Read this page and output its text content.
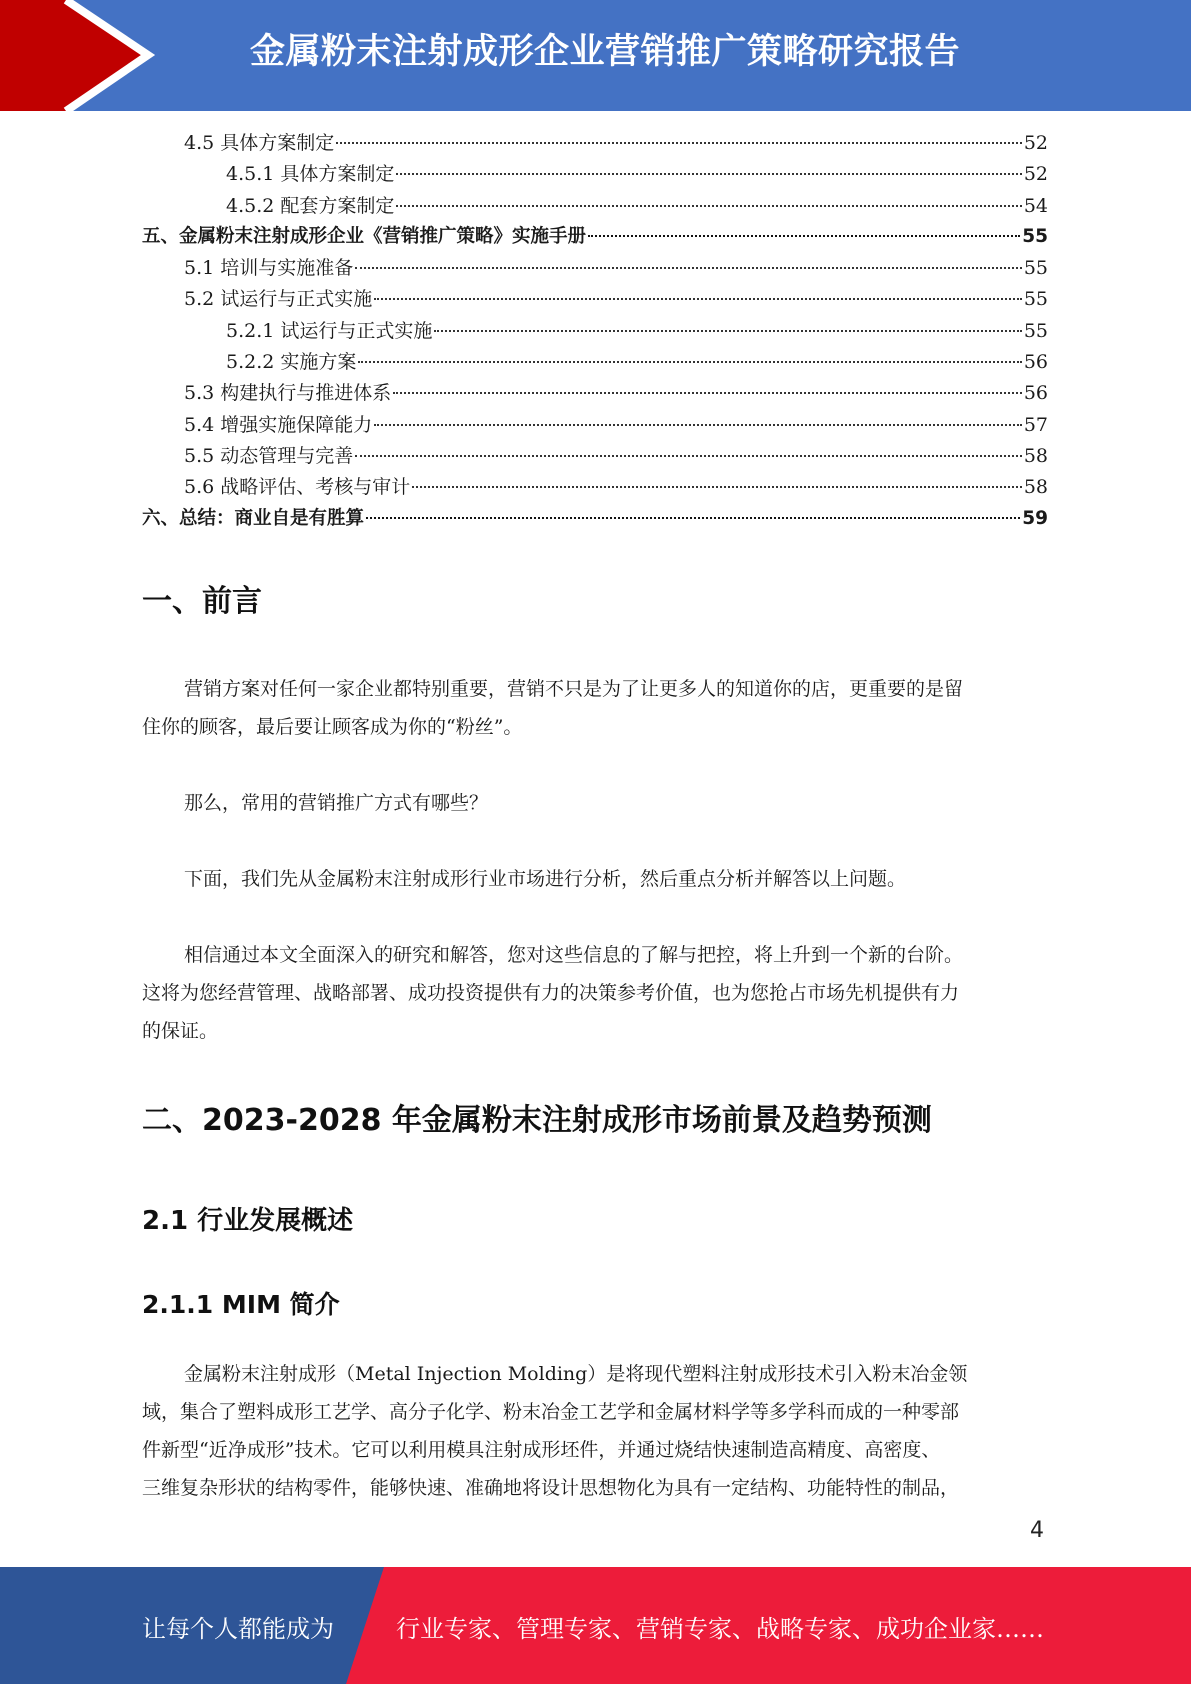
金属粉末注射成形企业营销推广策略研究报告
4.5 具体方案制定	52
4.5.1 具体方案制定	52
4.5.2 配套方案制定	54
五、 金属粉末注射成形企业《营销推广策略》实施手册	55
5.1 培训与实施准备	55
5.2 试运行与正式实施	55
5.2.1 试运行与正式实施	55
5.2.2 实施方案	56
5.3 构建执行与推进体系	56
5.4 增强实施保障能力	57
5.5 动态管理与完善	58
5.6 战略评估、考核与审计	58
六、 总结：商业自是有胜算	59
一、前言
营销方案对任何一家企业都特别重要，营销不只是为了让更多人的知道你的店，更重要的是留
住你的顾客，最后要让顾客成为你的“粉丝”。
那么，常用的营销推广方式有哪些？
下面，我们先从金属粉末注射成形行业市场进行分析，然后重点分析并解答以上问题。
相信通过本文全面深入的研究和解答，您对这些信息的了解与把控，将上升到一个新的台阶。
这将为您经营管理、战略部署、成功投资提供有力的决策参考价值，也为您抢占市场先机提供有力
的保证。
二、2023-2028 年金属粉末注射成形市场前景及趋势预测
2.1 行业发展概述
2.1.1 MIM 简介
金属粉末注射成形（Metal Injection Molding）是将现代塑料注射成形技术引入粉末冶金领
域，集合了塑料成形工艺学、高分子化学、粉末冶金工艺学和金属材料学等多学科而成的一种零部
件新型“近净成形”技术。它可以利用模具注射成形坯件，并通过烧结快速制造高精度、高密度、
三维复杂形状的结构零件，能够快速、准确地将设计思想物化为具有一定结构、功能特性的制品，
4
让每个人都能成为	行业专家、管理专家、营销专家、战略专家、成功企业家……
